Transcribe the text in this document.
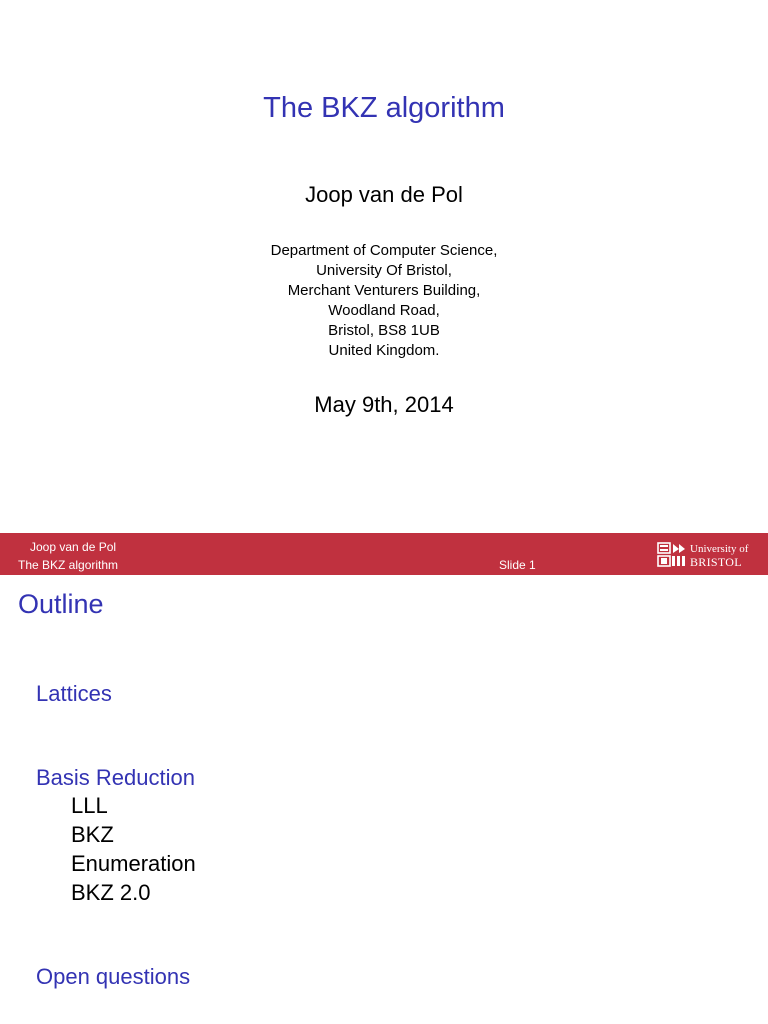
The BKZ algorithm
Joop van de Pol
Department of Computer Science,
University Of Bristol,
Merchant Venturers Building,
Woodland Road,
Bristol, BS8 1UB
United Kingdom.
May 9th, 2014
Joop van de Pol
The BKZ algorithm	Slide 1
University of
BRISTOL
Outline
Lattices
Basis Reduction
LLL
BKZ
Enumeration
BKZ 2.0
Open questions
